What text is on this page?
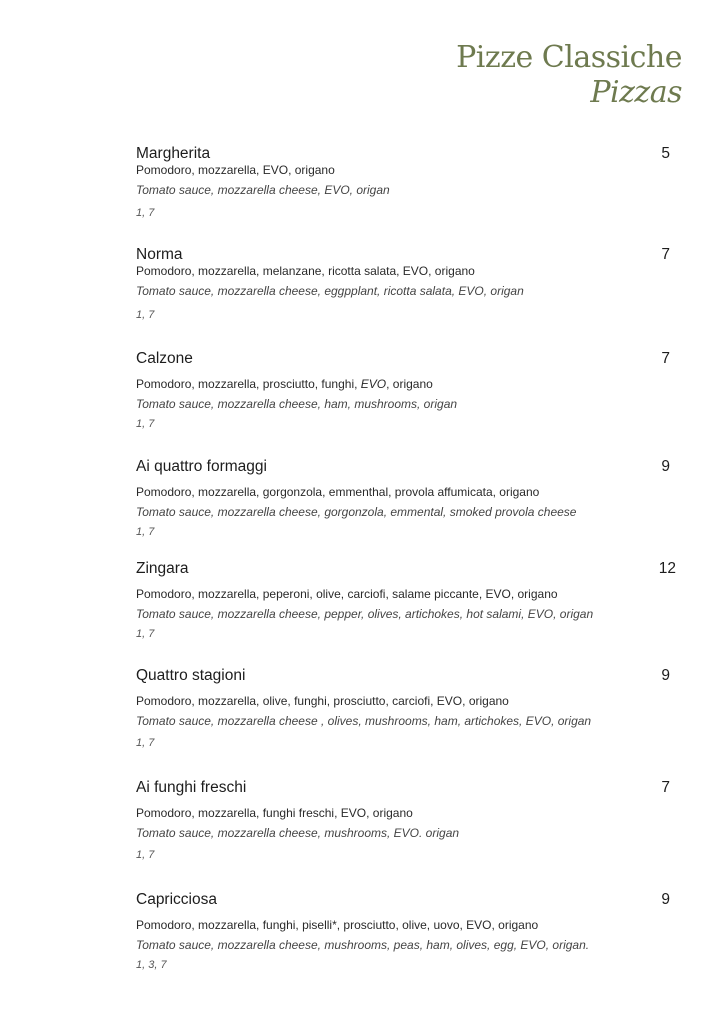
Pizze Classiche
Pizzas
Margherita	5
Pomodoro, mozzarella, EVO, origano
Tomato sauce, mozzarella cheese, EVO, origan
1, 7
Norma	7
Pomodoro, mozzarella, melanzane, ricotta salata, EVO, origano
Tomato sauce, mozzarella cheese, eggpplant, ricotta salata, EVO, origan
1, 7
Calzone	7
Pomodoro, mozzarella, prosciutto, funghi, EVO, origano
Tomato sauce, mozzarella cheese, ham, mushrooms, origan
1, 7
Ai quattro formaggi	9
Pomodoro, mozzarella, gorgonzola, emmenthal, provola affumicata, origano
Tomato sauce, mozzarella cheese, gorgonzola, emmental, smoked provola cheese
1, 7
Zingara	12
Pomodoro, mozzarella, peperoni, olive, carciofi, salame piccante, EVO, origano
Tomato sauce, mozzarella cheese, pepper, olives, artichokes, hot salami, EVO, origan
1, 7
Quattro stagioni	9
Pomodoro, mozzarella, olive, funghi, prosciutto, carciofi, EVO, origano
Tomato sauce, mozzarella cheese , olives, mushrooms, ham, artichokes, EVO, origan
1, 7
Ai funghi freschi	7
Pomodoro, mozzarella, funghi freschi, EVO, origano
Tomato sauce, mozzarella cheese, mushrooms, EVO. origan
1, 7
Capricciosa	9
Pomodoro, mozzarella, funghi, piselli*, prosciutto, olive, uovo, EVO, origano
Tomato sauce, mozzarella cheese, mushrooms, peas, ham, olives, egg, EVO, origan.
1, 3, 7
